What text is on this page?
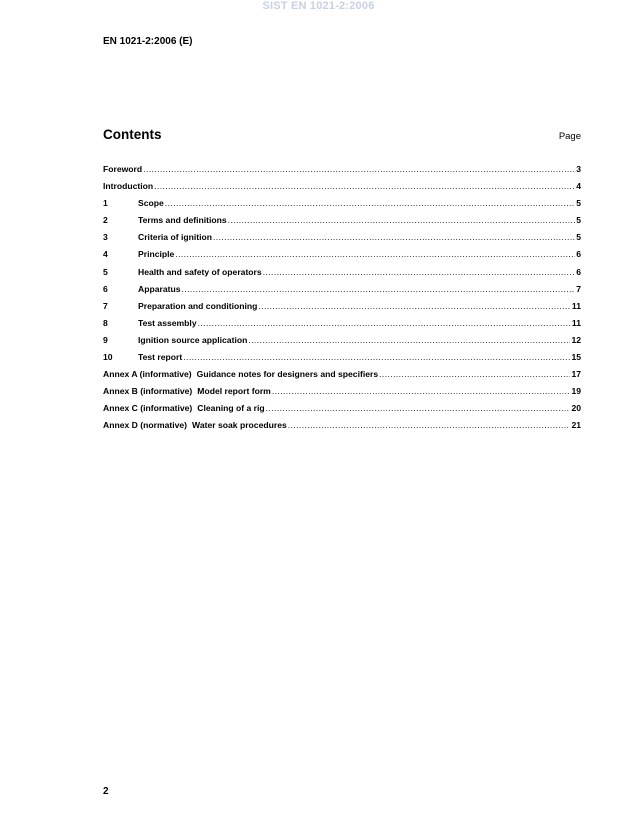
SIST EN 1021-2:2006
EN 1021-2:2006 (E)
Contents	Page
Foreword .....	3
Introduction .....	4
1	Scope .....	5
2	Terms and definitions .....	5
3	Criteria of ignition .....	5
4	Principle .....	6
5	Health and safety of operators .....	6
6	Apparatus .....	7
7	Preparation and conditioning .....	11
8	Test assembly .....	11
9	Ignition source application .....	12
10	Test report .....	15
Annex A (informative) Guidance notes for designers and specifiers .....	17
Annex B (informative) Model report form .....	19
Annex C (informative) Cleaning of a rig .....	20
Annex D (normative) Water soak procedures .....	21
2
